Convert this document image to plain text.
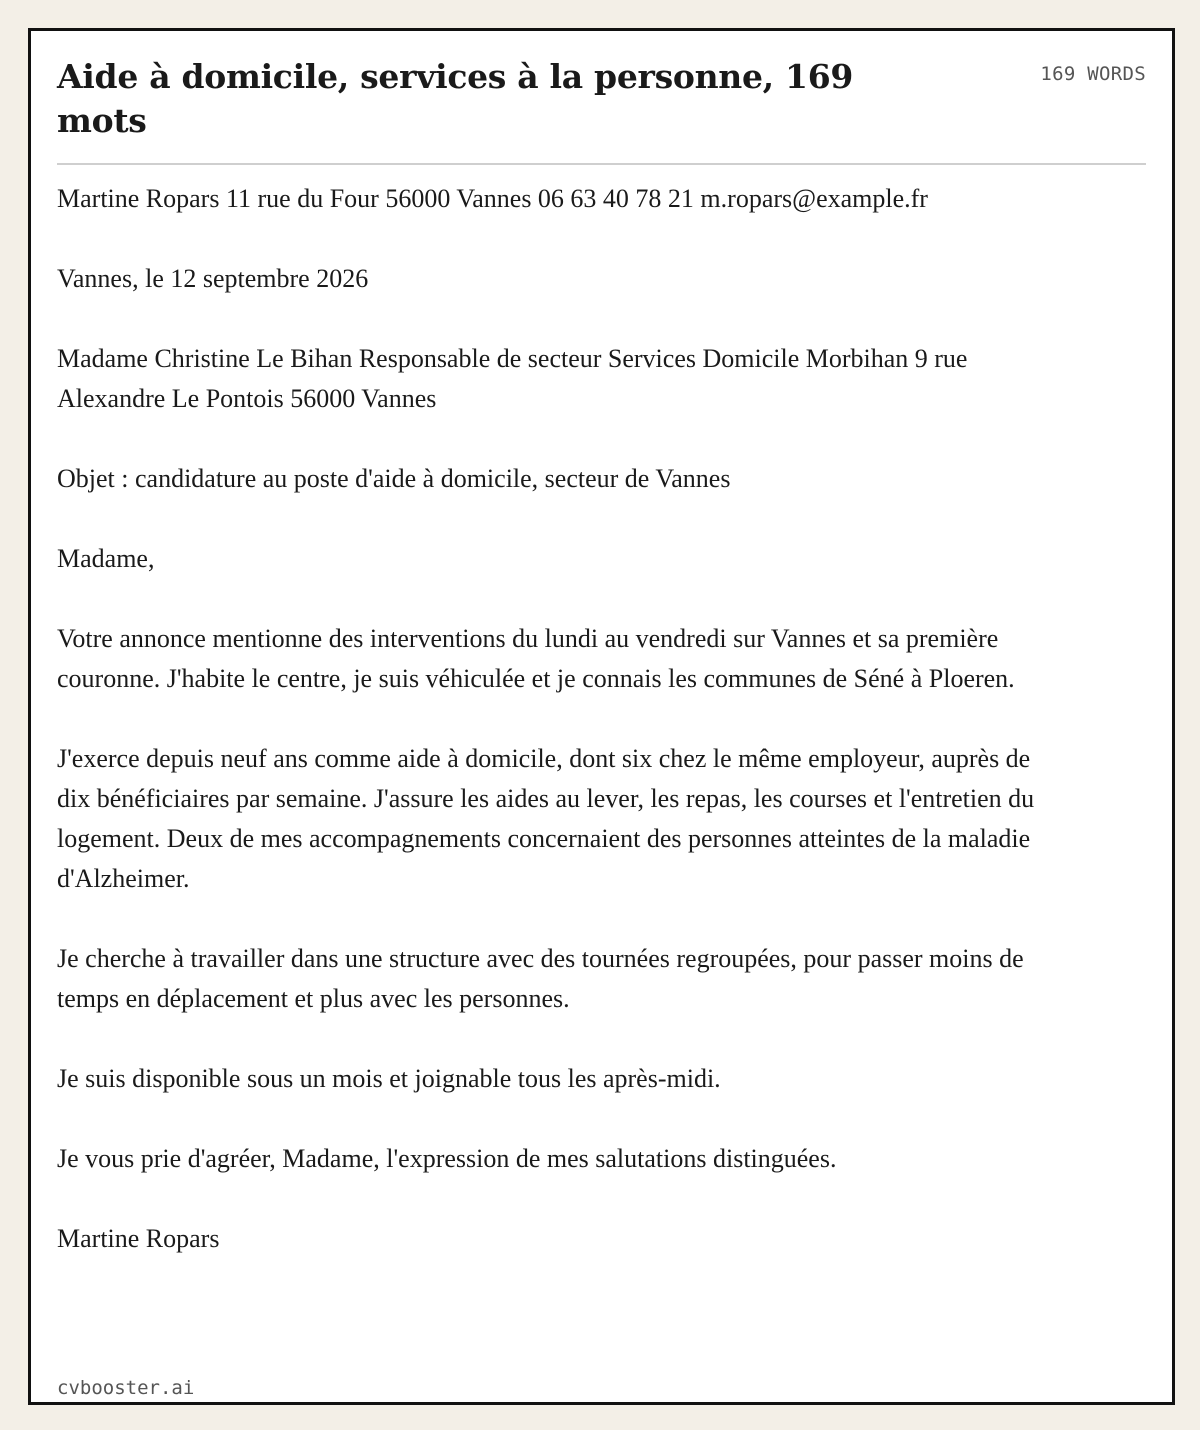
Aide à domicile, services à la personne, 169 mots
169 WORDS

Martine Ropars 11 rue du Four 56000 Vannes 06 63 40 78 21 m.ropars@example.fr

Vannes, le 12 septembre 2026

Madame Christine Le Bihan Responsable de secteur Services Domicile Morbihan 9 rue Alexandre Le Pontois 56000 Vannes

Objet : candidature au poste d'aide à domicile, secteur de Vannes

Madame,

Votre annonce mentionne des interventions du lundi au vendredi sur Vannes et sa première couronne. J'habite le centre, je suis véhiculée et je connais les communes de Séné à Ploeren.

J'exerce depuis neuf ans comme aide à domicile, dont six chez le même employeur, auprès de dix bénéficiaires par semaine. J'assure les aides au lever, les repas, les courses et l'entretien du logement. Deux de mes accompagnements concernaient des personnes atteintes de la maladie d'Alzheimer.

Je cherche à travailler dans une structure avec des tournées regroupées, pour passer moins de temps en déplacement et plus avec les personnes.

Je suis disponible sous un mois et joignable tous les après-midi.

Je vous prie d'agréer, Madame, l'expression de mes salutations distinguées.

Martine Ropars

cvbooster.ai
